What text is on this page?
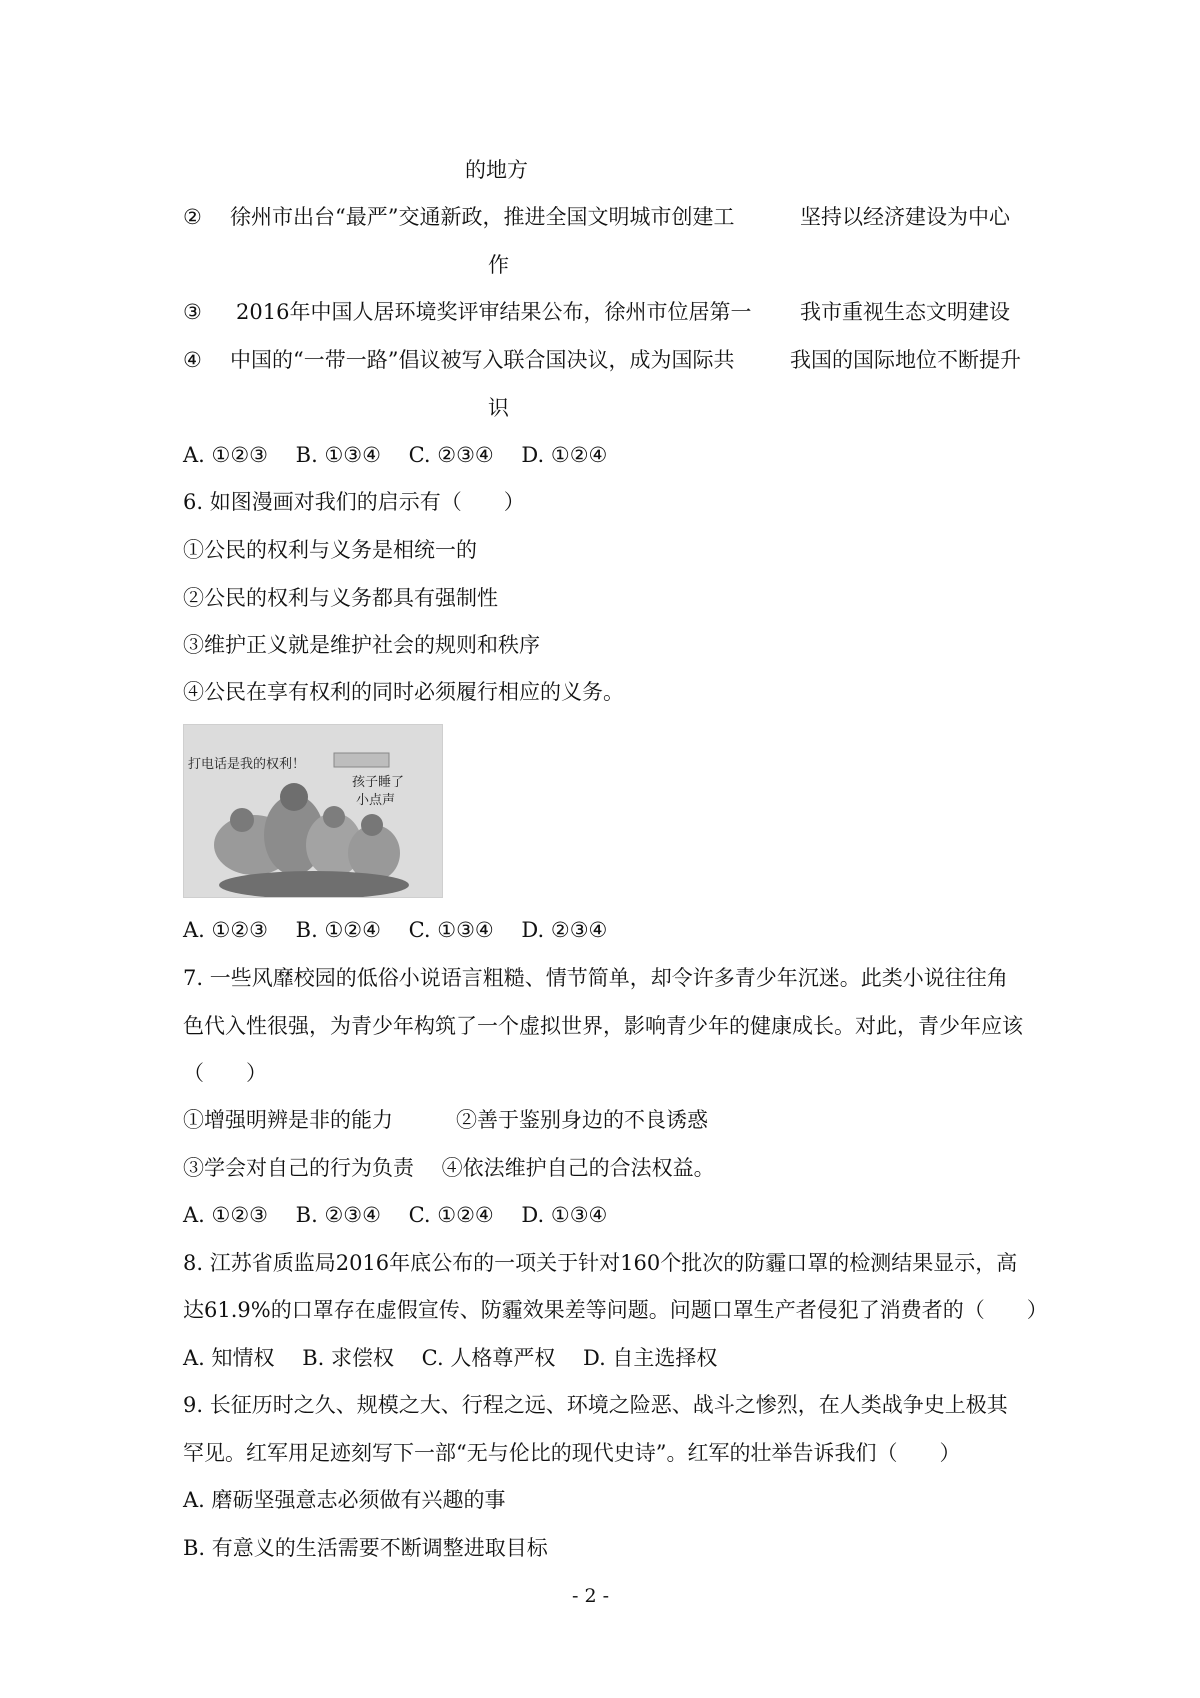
的地方
② 徐州市出台“最严”交通新政，推进全国文明城市创建工	坚持以经济建设为中心
作
③ 2016年中国人居环境奖评审结果公布，徐州市位居第一 我市重视生态文明建设
④ 中国的“一带一路”倡议被写入联合国决议，成为国际共	我国的国际地位不断提升
识
A. ①②③　 B. ①③④　 C. ②③④　 D. ①②④
6. 如图漫画对我们的启示有（　　）
①公民的权利与义务是相统一的
②公民的权利与义务都具有强制性
③维护正义就是维护社会的规则和秩序
④公民在享有权利的同时必须履行相应的义务。
打电话是我的权利！
孩子睡了
小点声
A. ①②③　 B. ①②④　 C. ①③④　 D. ②③④
7. 一些风靡校园的低俗小说语言粗糙、情节简单，却令许多青少年沉迷。此类小说往往角
色代入性很强，为青少年构筑了一个虚拟世界，影响青少年的健康成长。对此，青少年应该
（　　）
①增强明辨是非的能力　　　②善于鉴别身边的不良诱惑
③学会对自己的行为负责　 ④依法维护自己的合法权益。
A. ①②③　 B. ②③④　 C. ①②④　 D. ①③④
8. 江苏省质监局2016年底公布的一项关于针对160个批次的防霾口罩的检测结果显示，高
达61.9%的口罩存在虚假宣传、防霾效果差等问题。问题口罩生产者侵犯了消费者的（　　）
A. 知情权　 B. 求偿权　 C. 人格尊严权　 D. 自主选择权
9. 长征历时之久、规模之大、行程之远、环境之险恶、战斗之惨烈，在人类战争史上极其
罕见。红军用足迹刻写下一部“无与伦比的现代史诗”。红军的壮举告诉我们（　　）
A. 磨砺坚强意志必须做有兴趣的事
B. 有意义的生活需要不断调整进取目标
- 2 -
